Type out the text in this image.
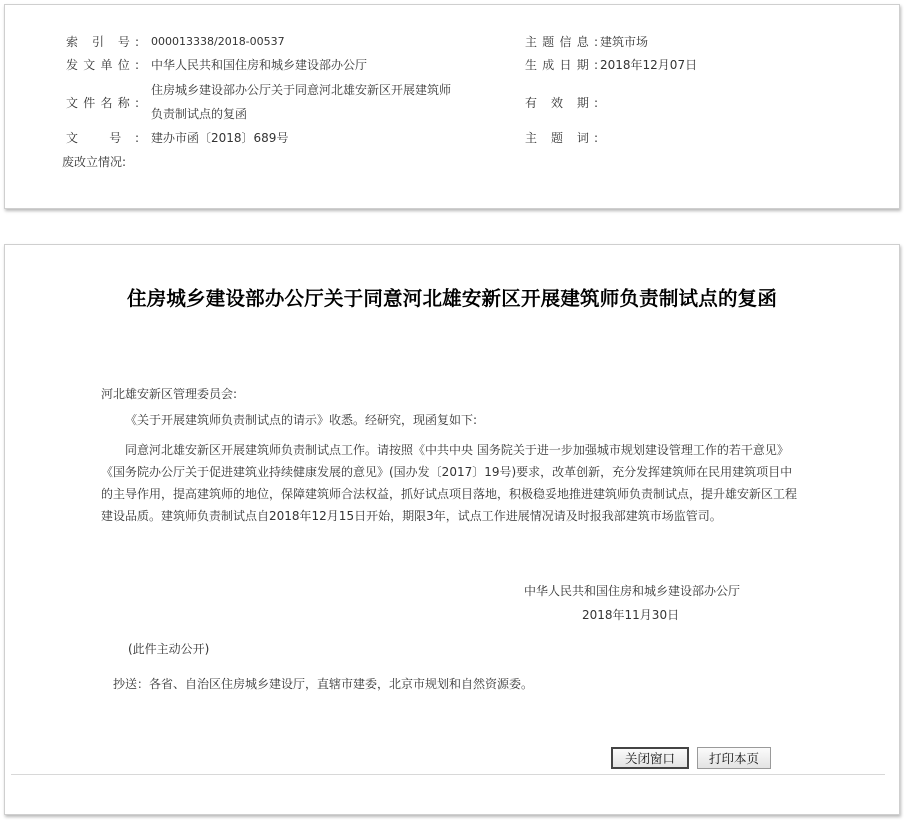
索 引 号: 000013338/2018-00537
发文单位: 中华人民共和国住房和城乡建设部办公厅
文件名称:
住房城乡建设部办公厅关于同意河北雄安新区开展建筑师
负责制试点的复函
文 号: 建办市函〔2018〕689号
废改立情况:
主题信息: 建筑市场
生成日期: 2018年12月07日
有 效 期:
主 题 词:
住房城乡建设部办公厅关于同意河北雄安新区开展建筑师负责制试点的复函

河北雄安新区管理委员会:

《关于开展建筑师负责制试点的请示》收悉。经研究，现函复如下:

同意河北雄安新区开展建筑师负责制试点工作。请按照《中共中央 国务院关于进一步加强城市规划建设管理工作的若干意见》《国务院办公厅关于促进建筑业持续健康发展的意见》(国办发〔2017〕19号)要求，改革创新，充分发挥建筑师在民用建筑项目中的主导作用，提高建筑师的地位，保障建筑师合法权益，抓好试点项目落地，积极稳妥地推进建筑师负责制试点，提升雄安新区工程建设品质。建筑师负责制试点自2018年12月15日开始，期限3年，试点工作进展情况请及时报我部建筑市场监管司。

中华人民共和国住房和城乡建设部办公厅
2018年11月30日
(此件主动公开)
抄送：各省、自治区住房城乡建设厅，直辖市建委，北京市规划和自然资源委。
关闭窗口	打印本页
